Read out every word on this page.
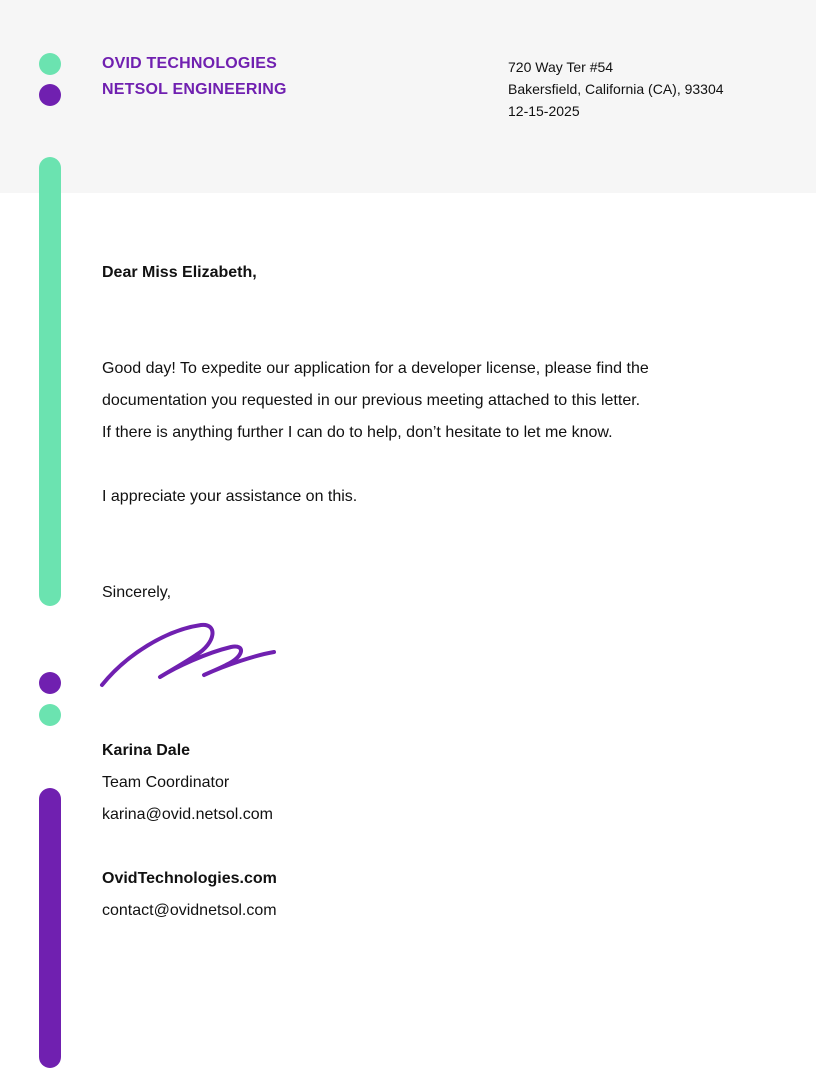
OVID TECHNOLOGIES
NETSOL ENGINEERING
720 Way Ter #54
Bakersfield, California (CA), 93304
12-15-2025
Dear Miss Elizabeth,
Good day! To expedite our application for a developer license, please find the
documentation you requested in our previous meeting attached to this letter.
If there is anything further I can do to help, don’t hesitate to let me know.
I appreciate your assistance on this.
Sincerely,
Karina Dale
Team Coordinator
karina@ovid.netsol.com
OvidTechnologies.com
contact@ovidnetsol.com
